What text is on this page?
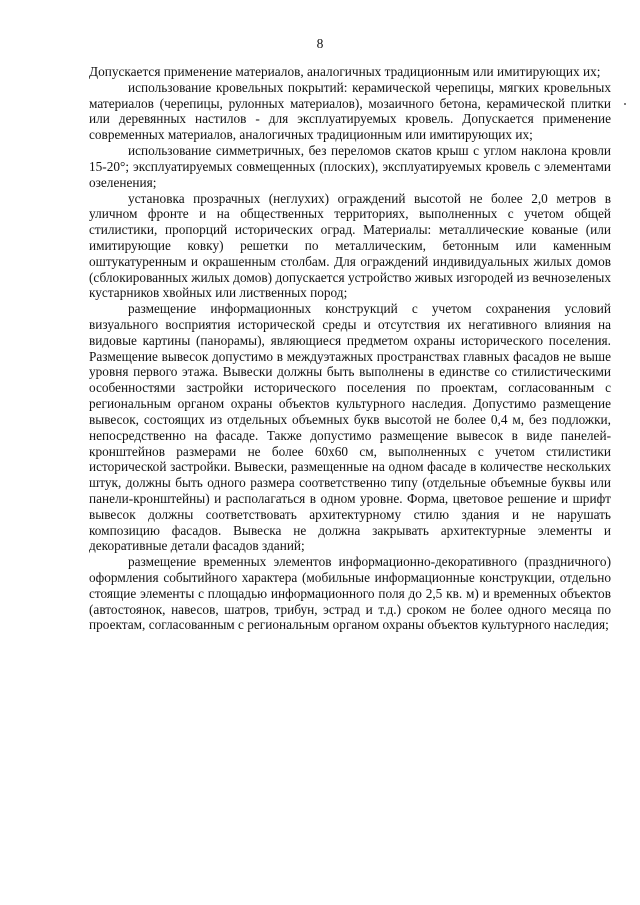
8

Допускается применение материалов, аналогичных традиционным или имитирующих их;

использование кровельных покрытий: керамической черепицы, мягких кровельных материалов (черепицы, рулонных материалов), мозаичного бетона, керамической плитки или деревянных настилов - для эксплуатируемых кровель. Допускается применение современных материалов, аналогичных традиционным или имитирующих их;

использование симметричных, без переломов скатов крыш с углом наклона кровли 15-20°; эксплуатируемых совмещенных (плоских), эксплуатируемых кровель с элементами озеленения;

установка прозрачных (неглухих) ограждений высотой не более 2,0 метров в уличном фронте и на общественных территориях, выполненных с учетом общей стилистики, пропорций исторических оград. Материалы: металлические кованые (или имитирующие ковку) решетки по металлическим, бетонным или каменным оштукатуренным и окрашенным столбам. Для ограждений индивидуальных жилых домов (сблокированных жилых домов) допускается устройство живых изгородей из вечнозеленых кустарников хвойных или лиственных пород;

размещение информационных конструкций с учетом сохранения условий визуального восприятия исторической среды и отсутствия их негативного влияния на видовые картины (панорамы), являющиеся предметом охраны исторического поселения. Размещение вывесок допустимо в междуэтажных пространствах главных фасадов не выше уровня первого этажа. Вывески должны быть выполнены в единстве со стилистическими особенностями застройки исторического поселения по проектам, согласованным с региональным органом охраны объектов культурного наследия. Допустимо размещение вывесок, состоящих из отдельных объемных букв высотой не более 0,4 м, без подложки, непосредственно на фасаде. Также допустимо размещение вывесок в виде панелей-кронштейнов размерами не более 60х60 см, выполненных с учетом стилистики исторической застройки. Вывески, размещенные на одном фасаде в количестве нескольких штук, должны быть одного размера соответственно типу (отдельные объемные буквы или панели-кронштейны) и располагаться в одном уровне. Форма, цветовое решение и шрифт вывесок должны соответствовать архитектурному стилю здания и не нарушать композицию фасадов. Вывеска не должна закрывать архитектурные элементы и декоративные детали фасадов зданий;

размещение временных элементов информационно-декоративного (праздничного) оформления событийного характера (мобильные информационные конструкции, отдельно стоящие элементы с площадью информационного поля до 2,5 кв. м) и временных объектов (автостоянок, навесов, шатров, трибун, эстрад и т.д.) сроком не более одного месяца по проектам, согласованным с региональным органом охраны объектов культурного наследия;
